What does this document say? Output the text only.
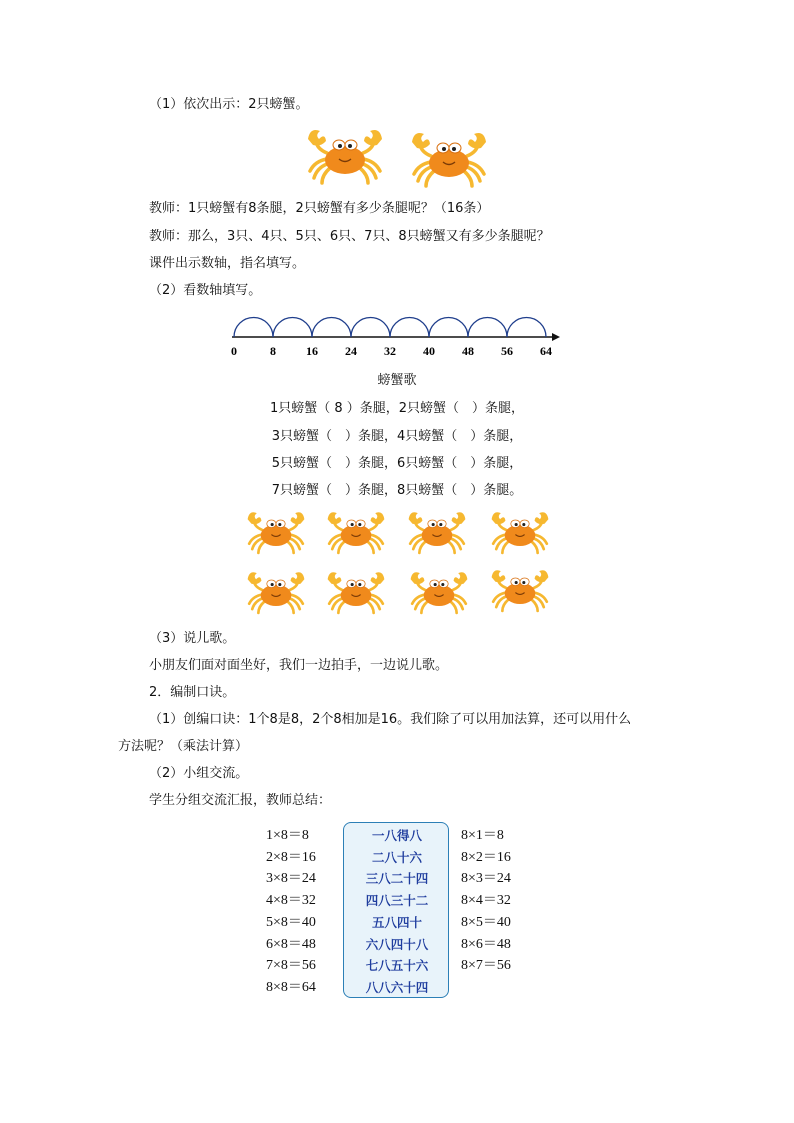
（1）依次出示：2只螃蟹。
教师：1只螃蟹有8条腿，2只螃蟹有多少条腿呢？（16条）
教师：那么，3只、4只、5只、6只、7只、8只螃蟹又有多少条腿呢？
课件出示数轴，指名填写。
（2）看数轴填写。
0	8	16 24 32 40 48 56 64
螃蟹歌
1只螃蟹（ 8 ）条腿，2只螃蟹（　）条腿，
3只螃蟹（　）条腿，4只螃蟹（　）条腿，
5只螃蟹（　）条腿，6只螃蟹（　）条腿，
7只螃蟹（　）条腿，8只螃蟹（　）条腿。
（3）说儿歌。
小朋友们面对面坐好，我们一边拍手，一边说儿歌。
2．编制口诀。
（1）创编口诀：1个8是8，2个8相加是16。我们除了可以用加法算，还可以用什么
方法呢？（乘法计算）
（2）小组交流。
学生分组交流汇报，教师总结：
1×8＝8
2×8＝16
3×8＝24
4×8＝32
5×8＝40
6×8＝48
7×8＝56
8×8＝64
一八得八
二八十六
三八二十四
四八三十二
五八四十
六八四十八
七八五十六
八八六十四
8×1＝8
8×2＝16
8×3＝24
8×4＝32
8×5＝40
8×6＝48
8×7＝56
